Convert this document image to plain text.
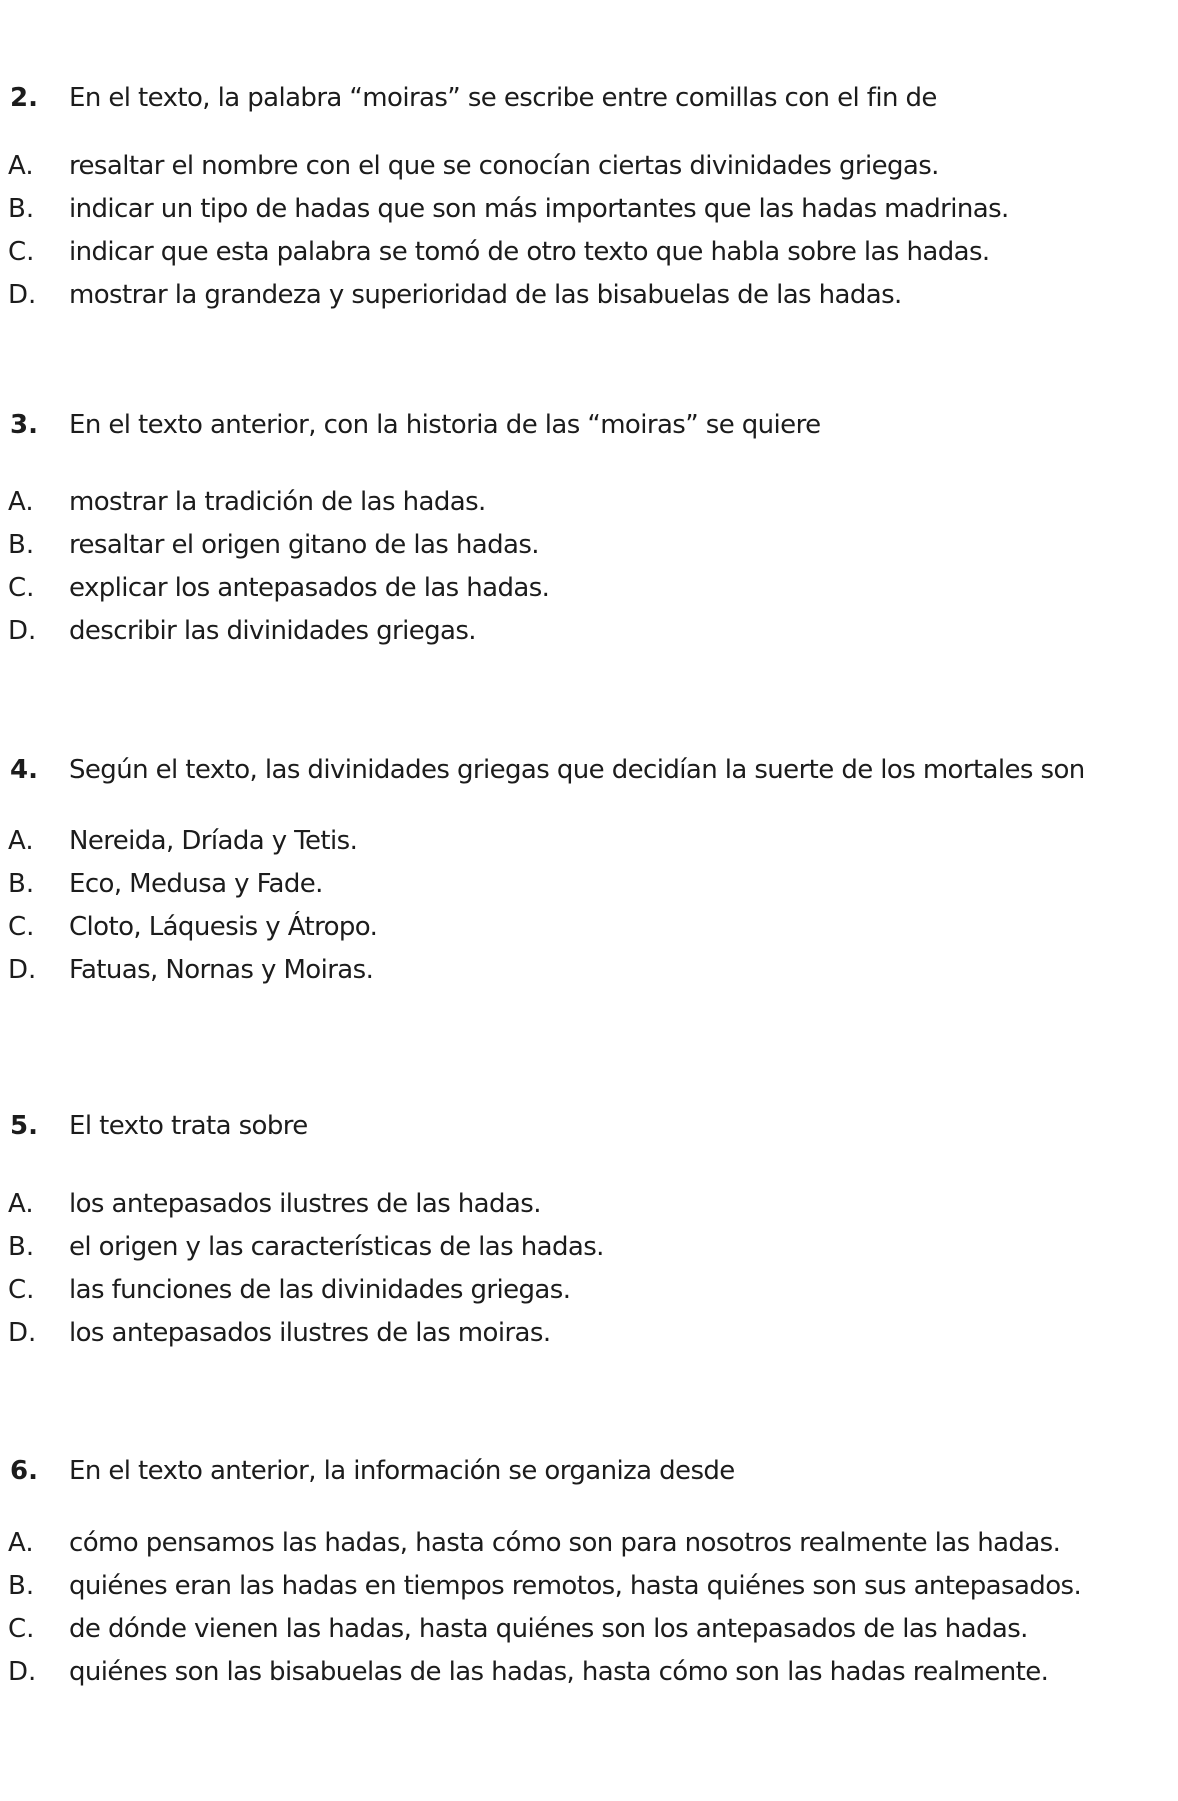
2. En el texto, la palabra “moiras” se escribe entre comillas con el fin de
A. resaltar el nombre con el que se conocían ciertas divinidades griegas.
B. indicar un tipo de hadas que son más importantes que las hadas madrinas.
C. indicar que esta palabra se tomó de otro texto que habla sobre las hadas.
D. mostrar la grandeza y superioridad de las bisabuelas de las hadas.
3. En el texto anterior, con la historia de las “moiras” se quiere
A. mostrar la tradición de las hadas.
B. resaltar el origen gitano de las hadas.
C. explicar los antepasados de las hadas.
D. describir las divinidades griegas.
4. Según el texto, las divinidades griegas que decidían la suerte de los mortales son
A. Nereida, Dríada y Tetis.
B. Eco, Medusa y Fade.
C. Cloto, Láquesis y Átropo.
D. Fatuas, Nornas y Moiras.
5. El texto trata sobre
A. los antepasados ilustres de las hadas.
B. el origen y las características de las hadas.
C. las funciones de las divinidades griegas.
D. los antepasados ilustres de las moiras.
6. En el texto anterior, la información se organiza desde
A. cómo pensamos las hadas, hasta cómo son para nosotros realmente las hadas.
B. quiénes eran las hadas en tiempos remotos, hasta quiénes son sus antepasados.
C. de dónde vienen las hadas, hasta quiénes son los antepasados de las hadas.
D. quiénes son las bisabuelas de las hadas, hasta cómo son las hadas realmente.
